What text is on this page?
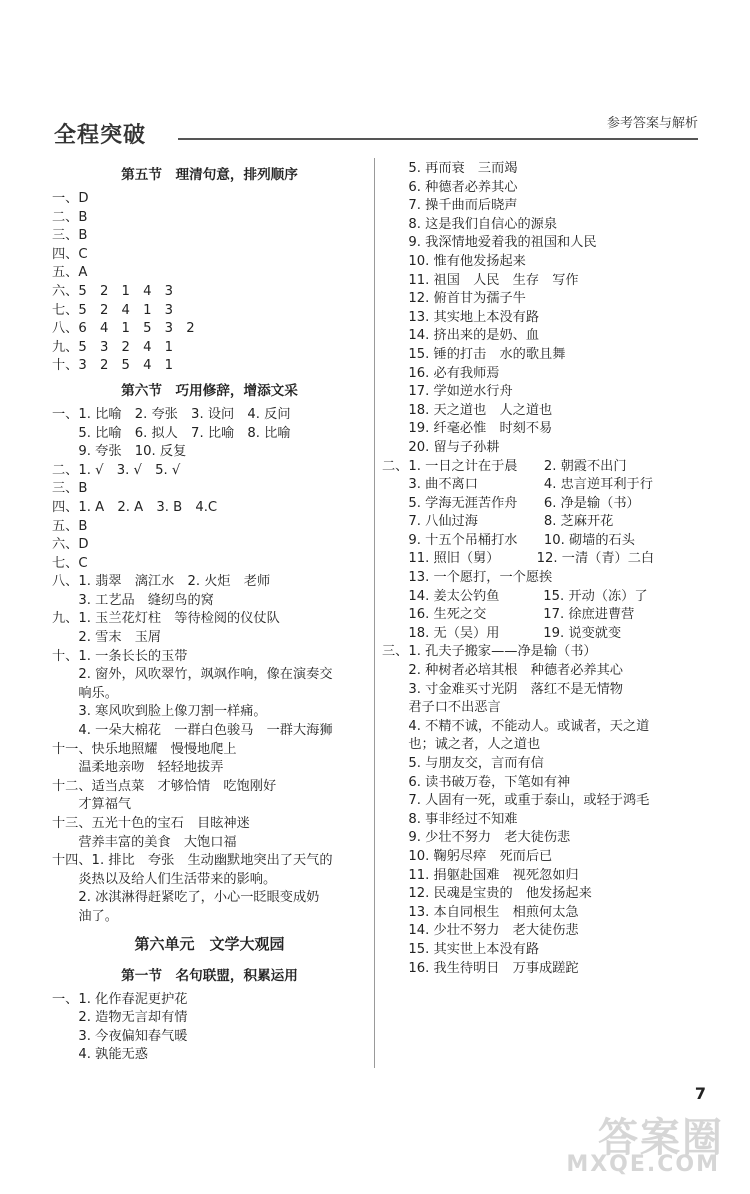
全程突破	参考答案与解析
第五节　理清句意，排列顺序
一、D
二、B
三、B
四、C
五、A
六、5　2　1　4　3
七、5　2　4　1　3
八、6　4　1　5　3　2
九、5　3　2　4　1
十、3　2　5　4　1
第六节　巧用修辞，增添文采
一、1. 比喻　2. 夸张　3. 设问　4. 反问
　　5. 比喻　6. 拟人　7. 比喻　8. 比喻
　　9. 夸张　10. 反复
二、1. √　3. √　5. √
三、B
四、1. A　2. A　3. B　4.C
五、B
六、D
七、C
八、1. 翡翠　漓江水　2. 火炬　老师
　　3. 工艺品　缝纫鸟的窝
九、1. 玉兰花灯柱　等待检阅的仪仗队
　　2. 雪末　玉屑
十、1. 一条长长的玉带
　　2. 窗外，风吹翠竹，飒飒作响，像在演奏交
　　响乐。
　　3. 寒风吹到脸上像刀割一样痛。
　　4. 一朵大棉花　一群白色骏马　一群大海狮
十一、快乐地照耀　慢慢地爬上
　　温柔地亲吻　轻轻地拔弄
十二、适当点菜　才够恰情　吃饱刚好
　　才算福气
十三、五光十色的宝石　目眩神迷
　　营养丰富的美食　大饱口福
十四、1. 排比　夸张　生动幽默地突出了天气的
　　炎热以及给人们生活带来的影响。
　　2. 冰淇淋得赶紧吃了，小心一眨眼变成奶
　　油了。
第六单元　文学大观园
第一节　名句联盟，积累运用
一、1. 化作春泥更护花
　　2. 造物无言却有情
　　3. 今夜偏知春气暖
　　4. 孰能无惑
　　5. 再而衰　三而竭
　　6. 种德者必养其心
　　7. 操千曲而后晓声
　　8. 这是我们自信心的源泉
　　9. 我深情地爱着我的祖国和人民
　　10. 惟有他发扬起来
　　11. 祖国　人民　生存　写作
　　12. 俯首甘为孺子牛
　　13. 其实地上本没有路
　　14. 挤出来的是奶、血
　　15. 锤的打击　水的歌且舞
　　16. 必有我师焉
　　17. 学如逆水行舟
　　18. 天之道也　人之道也
　　19. 纤毫必惟　时刻不易
　　20. 留与子孙耕
二、1. 一日之计在于晨　　2. 朝霞不出门
　　3. 曲不离口　　　　　4. 忠言逆耳利于行
　　5. 学海无涯苦作舟　　6. 净是输（书）
　　7. 八仙过海　　　　　8. 芝麻开花
　　9. 十五个吊桶打水　　10. 砌墙的石头
　　11. 照旧（舅）　　　 12. 一清（青）二白
　　13. 一个愿打，一个愿挨
　　14. 姜太公钓鱼　　　 15. 开动（冻）了
　　16. 生死之交　　　　 17. 徐庶进曹营
　　18. 无（吴）用　　　 19. 说变就变
三、1. 孔夫子搬家——净是输（书）
　　2. 种树者必培其根　种德者必养其心
　　3. 寸金难买寸光阴　落红不是无情物
　　君子口不出恶言
　　4. 不精不诚，不能动人。或诚者，天之道
　　也；诚之者，人之道也
　　5. 与朋友交，言而有信
　　6. 读书破万卷，下笔如有神
　　7. 人固有一死，或重于泰山，或轻于鸿毛
　　8. 事非经过不知难
　　9. 少壮不努力　老大徒伤悲
　　10. 鞠躬尽瘁　死而后已
　　11. 捐躯赴国难　视死忽如归
　　12. 民魂是宝贵的　他发扬起来
　　13. 本自同根生　相煎何太急
　　14. 少壮不努力　老大徒伤悲
　　15. 其实世上本没有路
　　16. 我生待明日　万事成蹉跎
7
答案圈
MXQE.COM
